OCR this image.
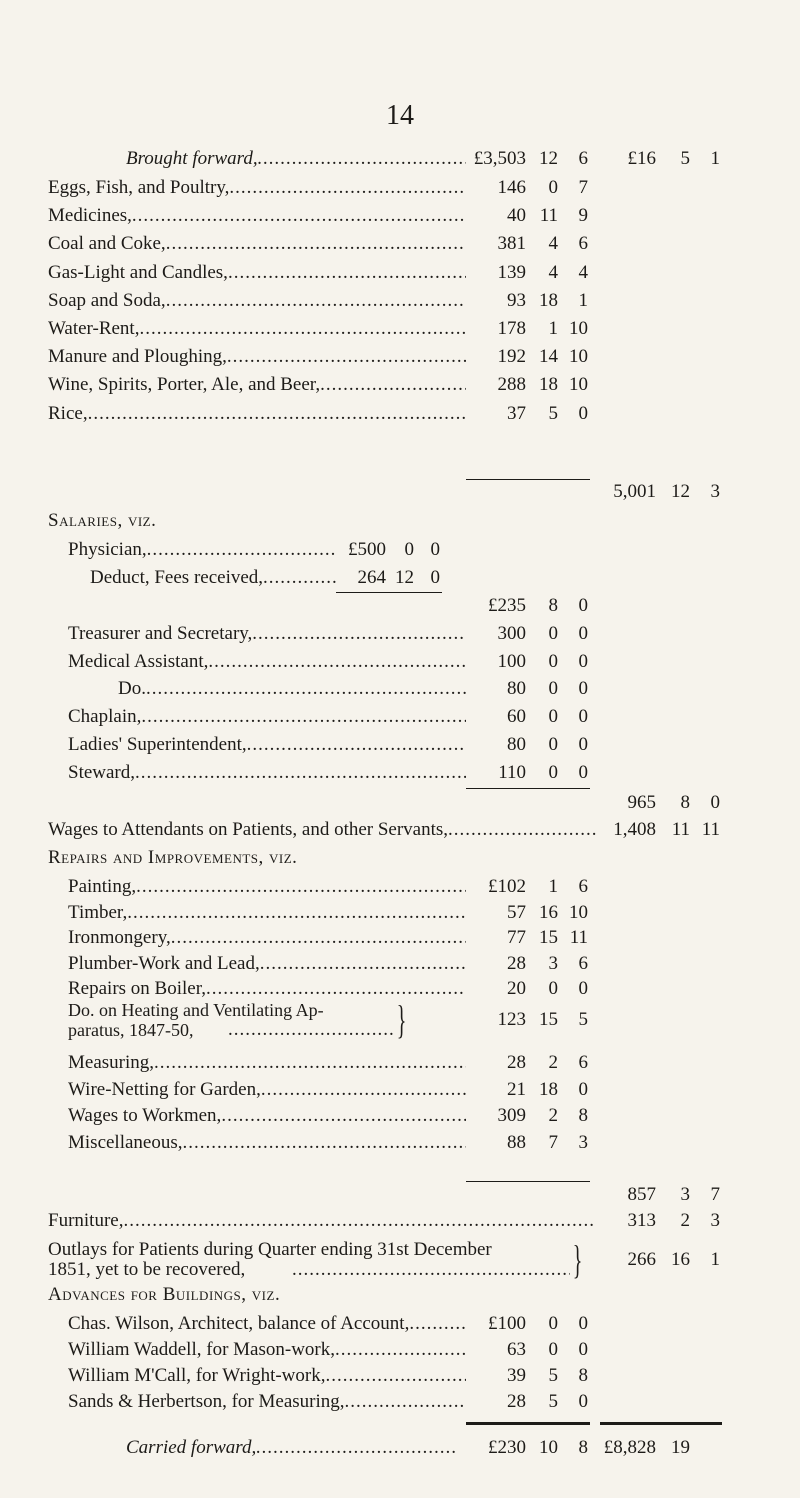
14
Brought forward, .....	£3,503 12	6	£16	5	1
Eggs, Fish, and Poultry, .....	146	0	7
Medicines, .....	40 11	9
Coal and Coke, .....	381	4	6
Gas-Light and Candles, .....	139	4	4
Soap and Soda, .....	93 18	1
Water-Rent, .....	178	1 10
Manure and Ploughing, .....	192 14 10
Wine, Spirits, Porter, Ale, and Beer, .....	288 18 10
Rice, .....	37	5	0
5,001 12	3
Salaries, viz.
Physician, .....	£500 0 0
Deduct, Fees received, .....	264 12 0
£235	8	0
Treasurer and Secretary, .....	300	0	0
Medical Assistant, .....	100	0	0
Do. .....	80	0	0
Chaplain, .....	60	0	0
Ladies' Superintendent, .....	80	0	0
Steward, .....	110	0	0
965	8	0
Wages to Attendants on Patients, and other Servants, .....	1,408 11 11
Repairs and Improvements, viz.
Painting, .....	£102	1	6
Timber, .....	57 16 10
Ironmongery, .....	77 15 11
Plumber-Work and Lead, .....	28	3	6
Repairs on Boiler, .....	20	0	0
Do. on Heating and Ventilating Ap-
paratus, 1847-50, .....	}	123 15	5
Measuring, .....	28	2	6
Wire-Netting for Garden, .....	21 18	0
Wages to Workmen, .....	309	2	8
Miscellaneous, .....	88	7	3
857	3	7
Furniture, .....	313	2	3
Outlays for Patients during Quarter ending 31st December
1851, yet to be recovered, .....	}	266 16	1
Advances for Buildings, viz.
Chas. Wilson, Architect, balance of Account, .....	£100	0	0
William Waddell, for Mason-work, .....	63	0	0
William M'Call, for Wright-work, .....	39	5	8
Sands & Herbertson, for Measuring, .....	28	5	0
Carried forward, .....	£230 10	8 £8,828 19
